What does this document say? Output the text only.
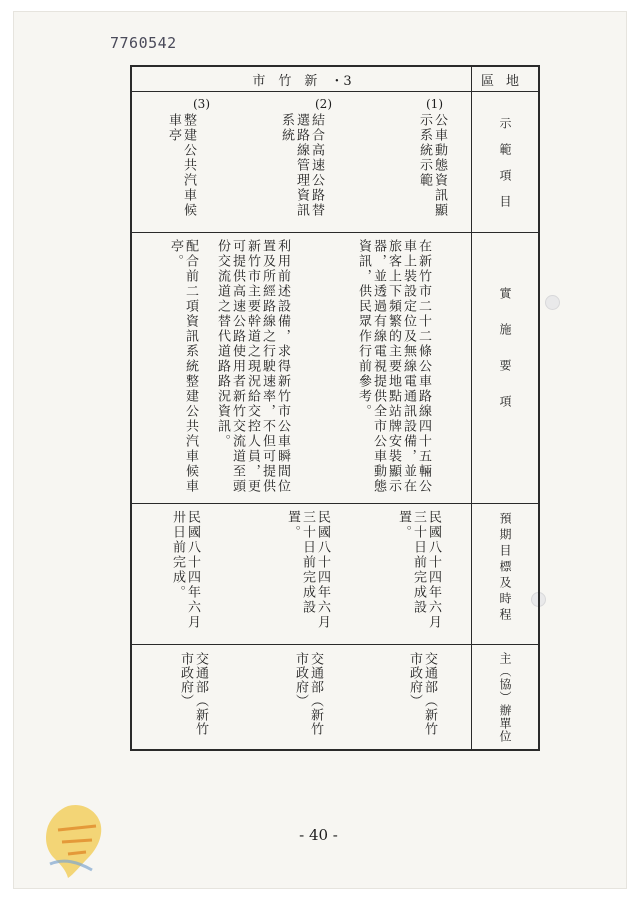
7760542
市　竹　新　・3	區地
示範項目
實施要項
預期目標及時程
主（協）辦單位
(1)
公車動態資訊顯示系統示範
在新竹市二十二條公車路線四十五輛公車上裝設定位及無線電通訊設備，並在旅客上下頻繁的主要地點站牌安裝顯示器，並透過有線電視提供全市公車動態資訊，供民眾作行前參考。
民國八十四年六月三十日前完成設置。
交通部（新竹市政府）
(2)
結合高速公路替選路線管理資訊系統
利用前述設備，求得新竹市公車瞬間位置及所經路線之行駛速率，不但可提供新竹市主要幹道之現況給交控人員，更可提供高速公路使用者新竹交流道至頭份交流道之替代道路路況資訊。
民國八十四年六月三十日前完成設置。
交通部（新竹市政府）
(3)
整建公共汽車候車亭
配合前二項資訊系統整建公共汽車候車亭。
民國八十四年六月卅日前完成。
交通部（新竹市政府）
- 40 -
